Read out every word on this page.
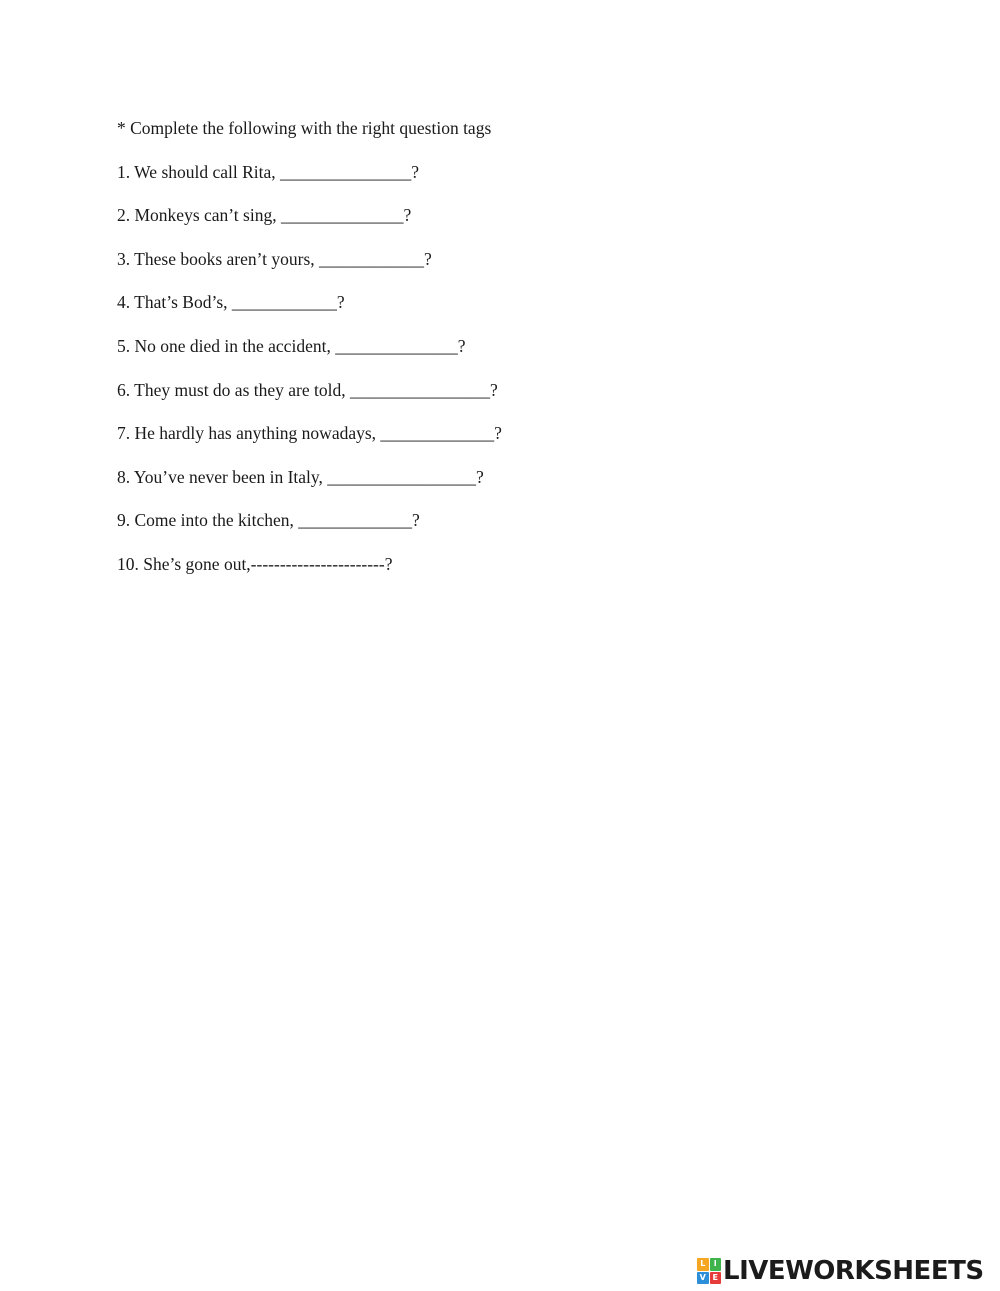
* Complete the following with the right question tags

1. We should call Rita, _______________?

2. Monkeys can’t sing, ______________?

3. These books aren’t yours, ____________?

4. That’s Bod’s, ____________?

5. No one died in the accident, ______________?

6. They must do as they are told, ________________?

7. He hardly has anything nowadays, _____________?

8. You’ve never been in Italy, _________________?

9. Come into the kitchen, _____________?

10. She’s gone out,-----------------------?

L	I
V E LIVEWORKSHEETS
